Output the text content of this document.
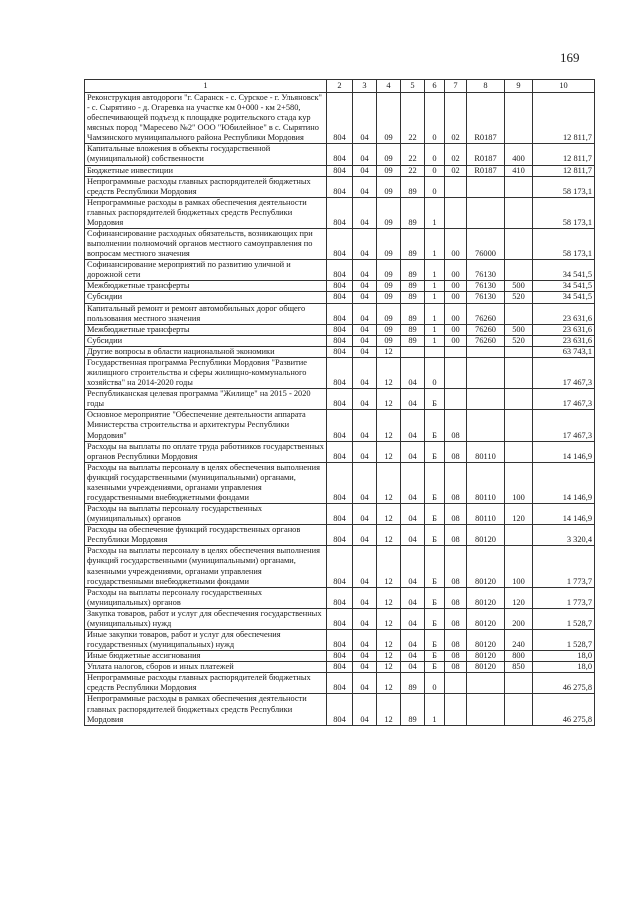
169
1	2	3	4	5	6	7	8	9	10
Реконструкция автодороги "г. Саранск - с. Сурское - г. Ульяновск" - с. Сырятино - д. Огаревка на участке км 0+000 - км 2+580, обеспечивающей подъезд к площадке родительского стада кур мясных пород "Маресево №2" ООО "Юбилейное" в с. Сырятино Чамзинского муниципального района Республики Мордовия	804	04	09	22	0	02	R0187		12 811,7
Капитальные вложения в объекты государственной (муниципальной) собственности	804	04	09	22	0	02	R0187	400	12 811,7
Бюджетные инвестиции	804	04	09	22	0	02	R0187	410	12 811,7
Непрограммные расходы главных распорядителей бюджетных средств Республики Мордовия	804	04	09	89	0				58 173,1
Непрограммные расходы в рамках обеспечения деятельности главных распорядителей бюджетных средств Республики Мордовия	804	04	09	89	1				58 173,1
Софинансирование расходных обязательств, возникающих при выполнении полномочий органов местного самоуправления по вопросам местного значения	804	04	09	89	1	00	76000		58 173,1
Софинансирование мероприятий по развитию уличной и дорожной сети	804	04	09	89	1	00	76130		34 541,5
Межбюджетные трансферты	804	04	09	89	1	00	76130	500	34 541,5
Субсидии	804	04	09	89	1	00	76130	520	34 541,5
Капитальный ремонт и ремонт автомобильных дорог общего пользования местного значения	804	04	09	89	1	00	76260		23 631,6
Межбюджетные трансферты	804	04	09	89	1	00	76260	500	23 631,6
Субсидии	804	04	09	89	1	00	76260	520	23 631,6
Другие вопросы в области национальной экономики	804	04	12						63 743,1
Государственная программа Республики Мордовия "Развитие жилищного строительства и сферы жилищно-коммунального хозяйства" на 2014-2020 годы	804	04	12	04	0				17 467,3
Республиканская целевая программа "Жилище" на 2015 - 2020 годы	804	04	12	04	Б				17 467,3
Основное мероприятие "Обеспечение деятельности аппарата Министерства строительства и архитектуры Республики Мордовия"	804	04	12	04	Б	08			17 467,3
Расходы на выплаты по оплате труда работников государственных органов Республики Мордовия	804	04	12	04	Б	08	80110		14 146,9
Расходы на выплаты персоналу в целях обеспечения выполнения функций государственными (муниципальными) органами, казенными учреждениями, органами управления государственными внебюджетными фондами	804	04	12	04	Б	08	80110	100	14 146,9
Расходы на выплаты персоналу государственных (муниципальных) органов	804	04	12	04	Б	08	80110	120	14 146,9
Расходы на обеспечение функций государственных органов Республики Мордовия	804	04	12	04	Б	08	80120		3 320,4
Расходы на выплаты персоналу в целях обеспечения выполнения функций государственными (муниципальными) органами, казенными учреждениями, органами управления государственными внебюджетными фондами	804	04	12	04	Б	08	80120	100	1 773,7
Расходы на выплаты персоналу государственных (муниципальных) органов	804	04	12	04	Б	08	80120	120	1 773,7
Закупка товаров, работ и услуг для обеспечения государственных (муниципальных) нужд	804	04	12	04	Б	08	80120	200	1 528,7
Иные закупки товаров, работ и услуг для обеспечения государственных (муниципальных) нужд	804	04	12	04	Б	08	80120	240	1 528,7
Иные бюджетные ассигнования	804	04	12	04	Б	08	80120	800	18,0
Уплата налогов, сборов и иных платежей	804	04	12	04	Б	08	80120	850	18,0
Непрограммные расходы главных распорядителей бюджетных средств Республики Мордовия	804	04	12	89	0				46 275,8
Непрограммные расходы в рамках обеспечения деятельности главных распорядителей бюджетных средств Республики Мордовия	804	04	12	89	1				46 275,8
